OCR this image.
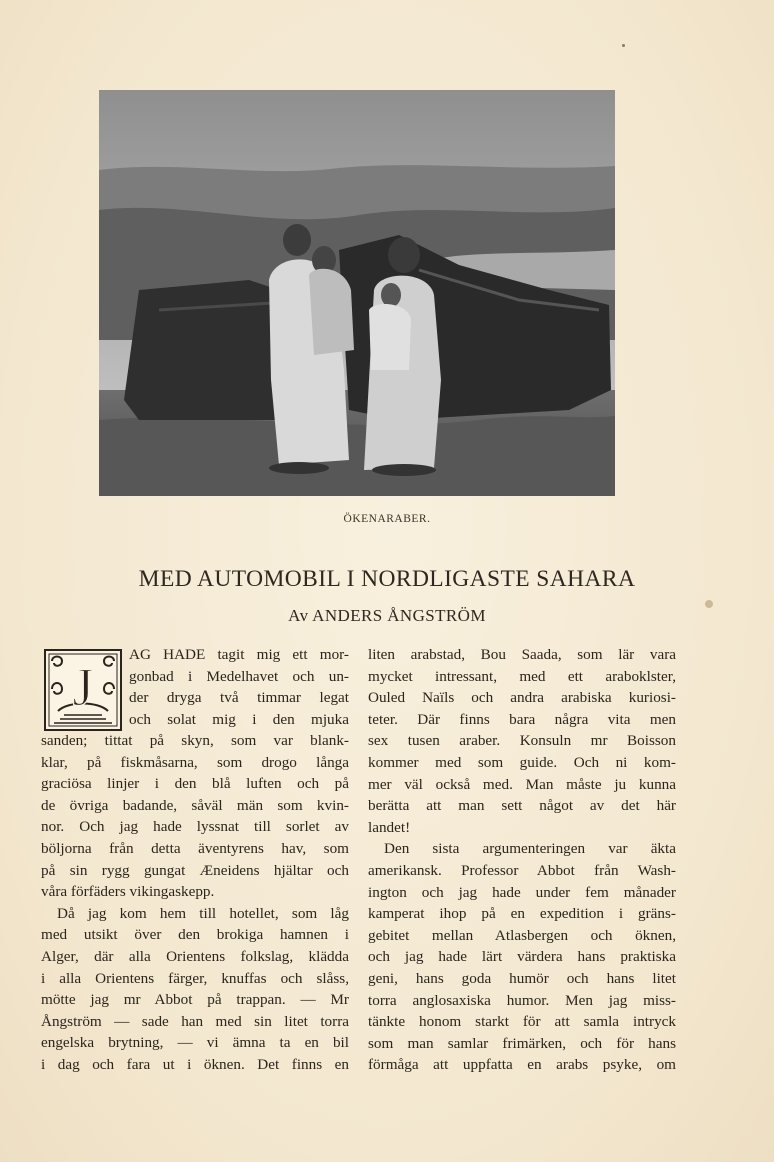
ÖKENARABER.
MED AUTOMOBIL I NORDLIGASTE SAHARA
Av ANDERS ÅNGSTRÖM
J
AG HADE tagit mig ett mor-
gonbad i Medelhavet och un-
der dryga två timmar legat
och solat mig i den mjuka
sanden; tittat på skyn, som var blank-
klar, på fiskmåsarna, som drogo långa
graciösa linjer i den blå luften och på
de övriga badande, såväl män som kvin-
nor. Och jag hade lyssnat till sorlet av
böljorna från detta äventyrens hav, som
på sin rygg gungat Æneidens hjältar och
våra förfäders vikingaskepp.
Då jag kom hem till hotellet, som låg
med utsikt över den brokiga hamnen i
Alger, där alla Orientens folkslag, klädda
i alla Orientens färger, knuffas och slåss,
mötte jag mr Abbot på trappan. — Mr
Ångström — sade han med sin litet torra
engelska brytning, — vi ämna ta en bil
i dag och fara ut i öknen. Det finns en
liten arabstad, Bou Saada, som lär vara
mycket intressant, med ett araboklster,
Ouled Naïls och andra arabiska kuriosi-
teter. Där finns bara några vita men
sex tusen araber. Konsuln mr Boisson
kommer med som guide. Och ni kom-
mer väl också med. Man måste ju kunna
berätta att man sett något av det här
landet!
Den sista argumenteringen var äkta
amerikansk. Professor Abbot från Wash-
ington och jag hade under fem månader
kamperat ihop på en expedition i gräns-
gebitet mellan Atlasbergen och öknen,
och jag hade lärt värdera hans praktiska
geni, hans goda humör och hans litet
torra anglosaxiska humor. Men jag miss-
tänkte honom starkt för att samla intryck
som man samlar frimärken, och för hans
förmåga att uppfatta en arabs psyke, om
